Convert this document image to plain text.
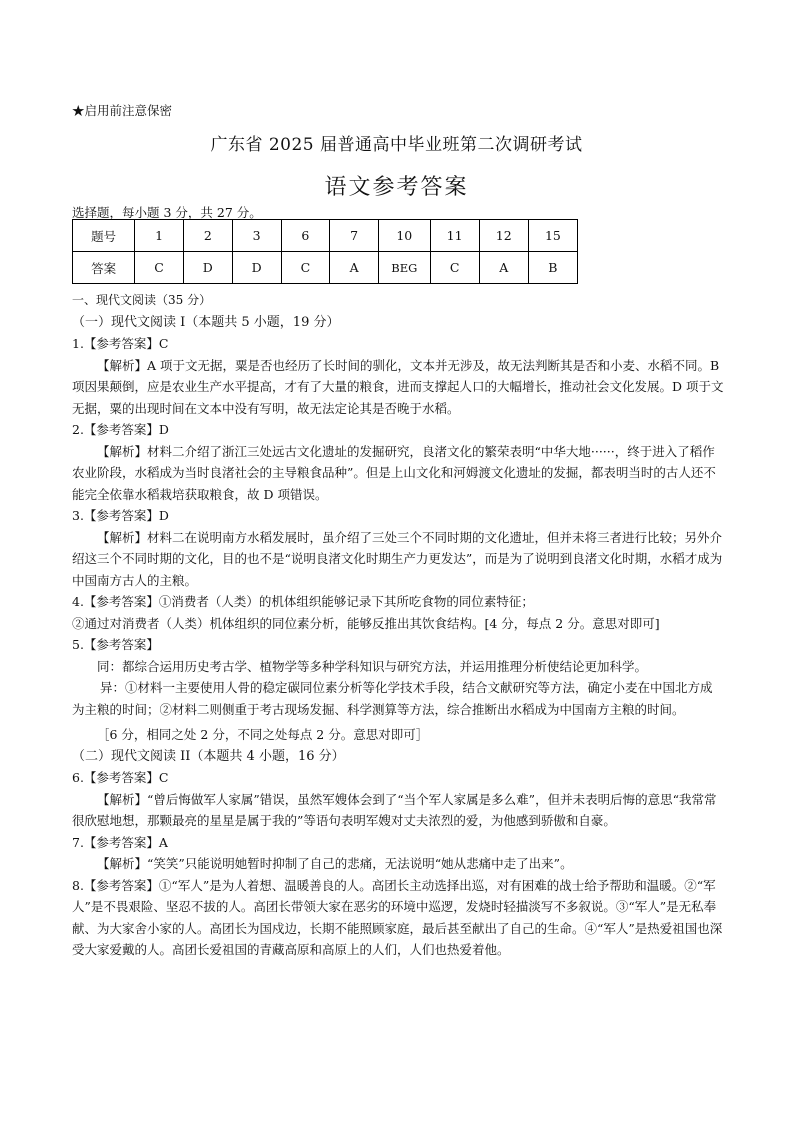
★启用前注意保密
广东省 2025 届普通高中毕业班第二次调研考试
语文参考答案
选择题，每小题 3 分，共 27 分。
题号	1	2	3	6	7	10	11	12	15
答案	C	D	D	C	A	BEG	C	A	B

一、现代文阅读（35 分）

（一）现代文阅读 I（本题共 5 小题，19 分）

1.【参考答案】C

【解析】A 项于文无据，粟是否也经历了长时间的驯化，文本并无涉及，故无法判断其是否和小麦、水稻不同。B 项因果颠倒，应是农业生产水平提高，才有了大量的粮食，进而支撑起人口的大幅增长，推动社会文化发展。D 项于文无据，粟的出现时间在文本中没有写明，故无法定论其是否晚于水稻。

2.【参考答案】D

【解析】材料二介绍了浙江三处远古文化遗址的发掘研究，良渚文化的繁荣表明“中华大地······，终于进入了稻作农业阶段，水稻成为当时良渚社会的主导粮食品种”。但是上山文化和河姆渡文化遗址的发掘，都表明当时的古人还不能完全依靠水稻栽培获取粮食，故 D 项错误。

3.【参考答案】D

【解析】材料二在说明南方水稻发展时，虽介绍了三处三个不同时期的文化遗址，但并未将三者进行比较；另外介绍这三个不同时期的文化，目的也不是“说明良渚文化时期生产力更发达”，而是为了说明到良渚文化时期，水稻才成为中国南方古人的主粮。

4.【参考答案】①消费者（人类）的机体组织能够记录下其所吃食物的同位素特征；

②通过对消费者（人类）机体组织的同位素分析，能够反推出其饮食结构。[4 分，每点 2 分。意思对即可]

5.【参考答案】

同：都综合运用历史考古学、植物学等多种学科知识与研究方法，并运用推理分析使结论更加科学。

异：①材料一主要使用人骨的稳定碳同位素分析等化学技术手段，结合文献研究等方法，确定小麦在中国北方成为主粮的时间；②材料二则侧重于考古现场发掘、科学测算等方法，综合推断出水稻成为中国南方主粮的时间。

［6 分，相同之处 2 分，不同之处每点 2 分。意思对即可］

（二）现代文阅读 II（本题共 4 小题，16 分）

6.【参考答案】C

【解析】“曾后悔做军人家属”错误，虽然军嫂体会到了“当个军人家属是多么难”，但并未表明后悔的意思“我常常很欣慰地想，那颗最亮的星星是属于我的”等语句表明军嫂对丈夫浓烈的爱，为他感到骄傲和自豪。

7.【参考答案】A

【解析】“笑笑”只能说明她暂时抑制了自己的悲痛，无法说明“她从悲痛中走了出来”。

8.【参考答案】①“军人”是为人着想、温暖善良的人。高团长主动选择出巡，对有困难的战士给予帮助和温暖。②“军人”是不畏艰险、坚忍不拔的人。高团长带领大家在恶劣的环境中巡逻，发烧时轻描淡写不多叙说。③“军人”是无私奉献、为大家舍小家的人。高团长为国戍边，长期不能照顾家庭，最后甚至献出了自己的生命。④“军人”是热爱祖国也深受大家爱戴的人。高团长爱祖国的青藏高原和高原上的人们，人们也热爱着他。
